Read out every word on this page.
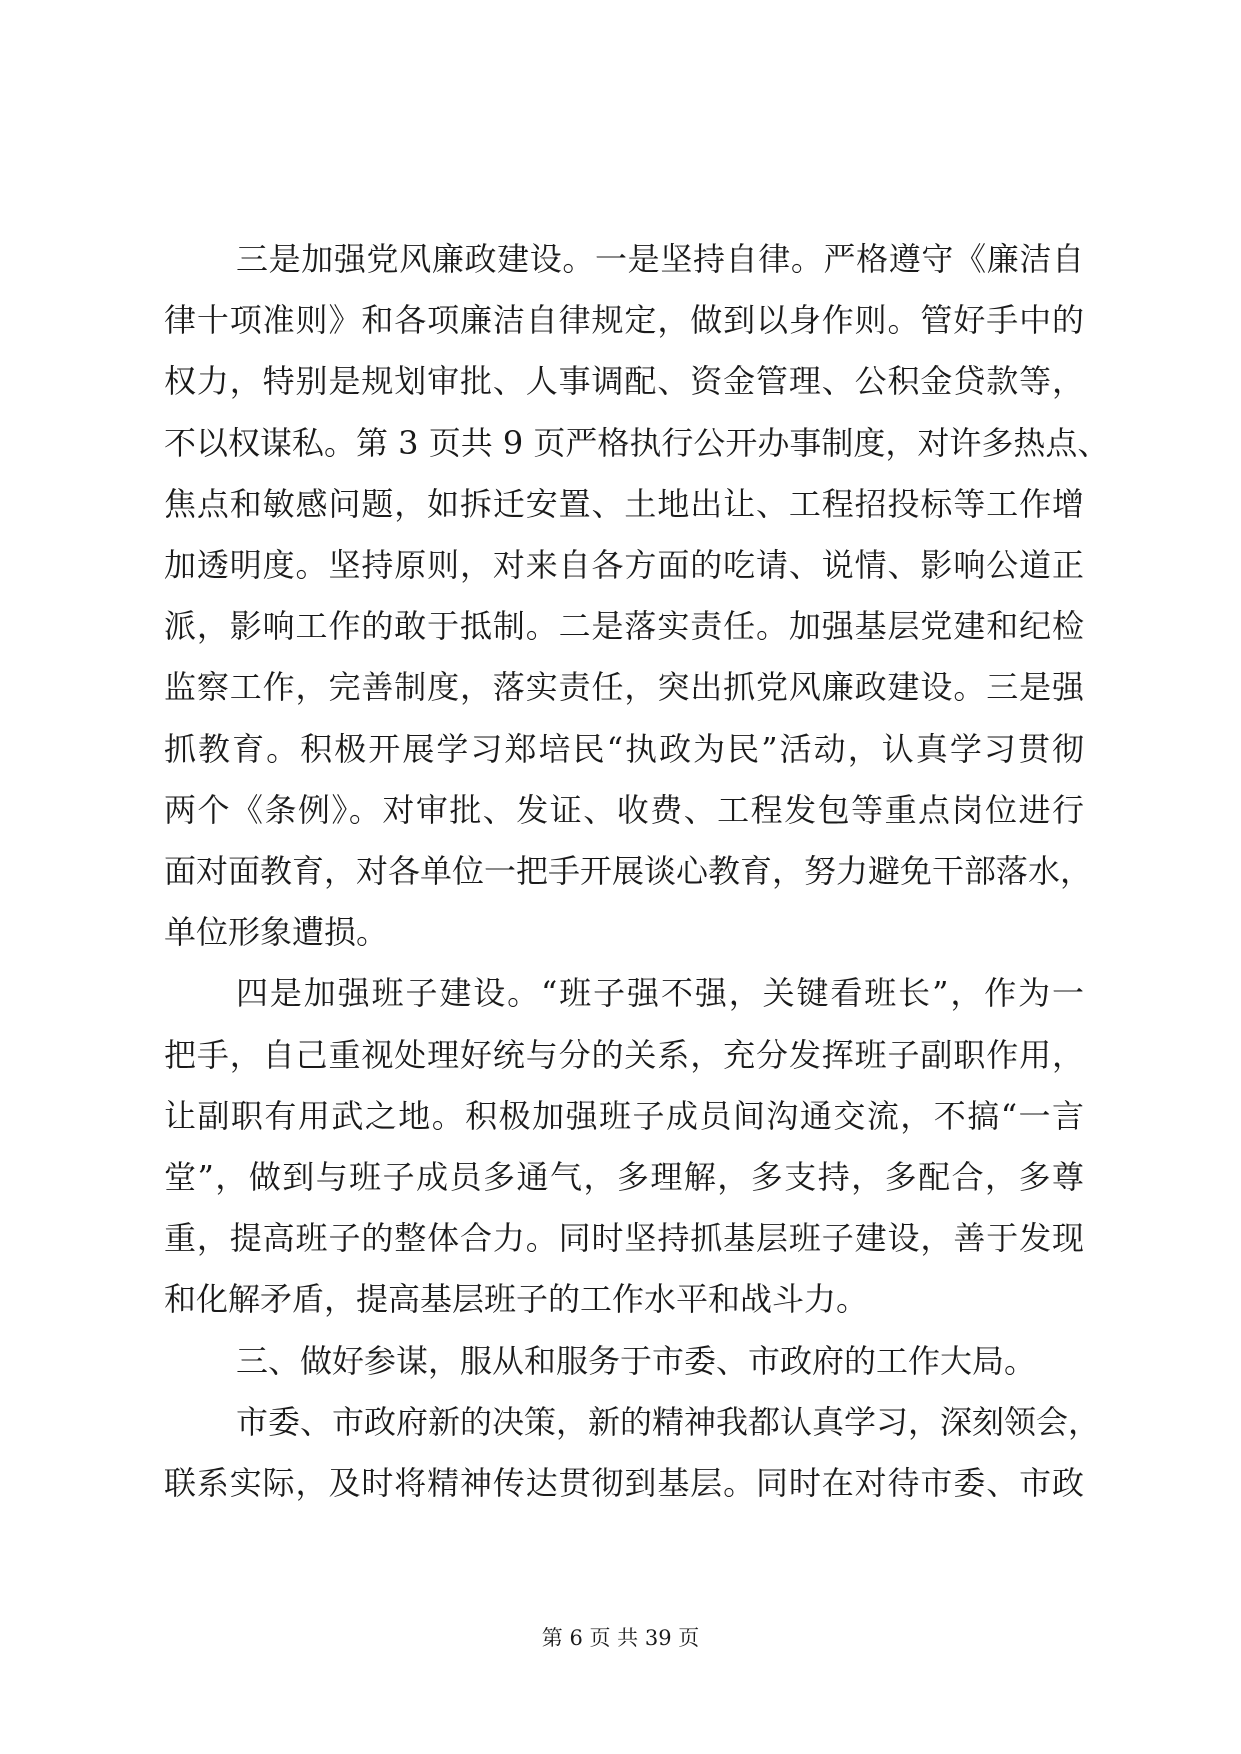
三是加强党风廉政建设。一是坚持自律。严格遵守《廉洁自
律十项准则》和各项廉洁自律规定，做到以身作则。管好手中的
权力，特别是规划审批、人事调配、资金管理、公积金贷款等，
不以权谋私。第 3 页共 9 页严格执行公开办事制度，对许多热点、
焦点和敏感问题，如拆迁安置、土地出让、工程招投标等工作增
加透明度。坚持原则，对来自各方面的吃请、说情、影响公道正
派，影响工作的敢于抵制。二是落实责任。加强基层党建和纪检
监察工作，完善制度，落实责任，突出抓党风廉政建设。三是强
抓教育。积极开展学习郑培民“执政为民”活动，认真学习贯彻
两个《条例》。对审批、发证、收费、工程发包等重点岗位进行
面对面教育，对各单位一把手开展谈心教育，努力避免干部落水，
单位形象遭损。

四是加强班子建设。“班子强不强，关键看班长”，作为一
把手，自己重视处理好统与分的关系，充分发挥班子副职作用，
让副职有用武之地。积极加强班子成员间沟通交流，不搞“一言
堂”，做到与班子成员多通气，多理解，多支持，多配合，多尊
重，提高班子的整体合力。同时坚持抓基层班子建设，善于发现
和化解矛盾，提高基层班子的工作水平和战斗力。

三、做好参谋，服从和服务于市委、市政府的工作大局。

市委、市政府新的决策，新的精神我都认真学习，深刻领会，
联系实际，及时将精神传达贯彻到基层。同时在对待市委、市政

第 6 页 共 39 页
